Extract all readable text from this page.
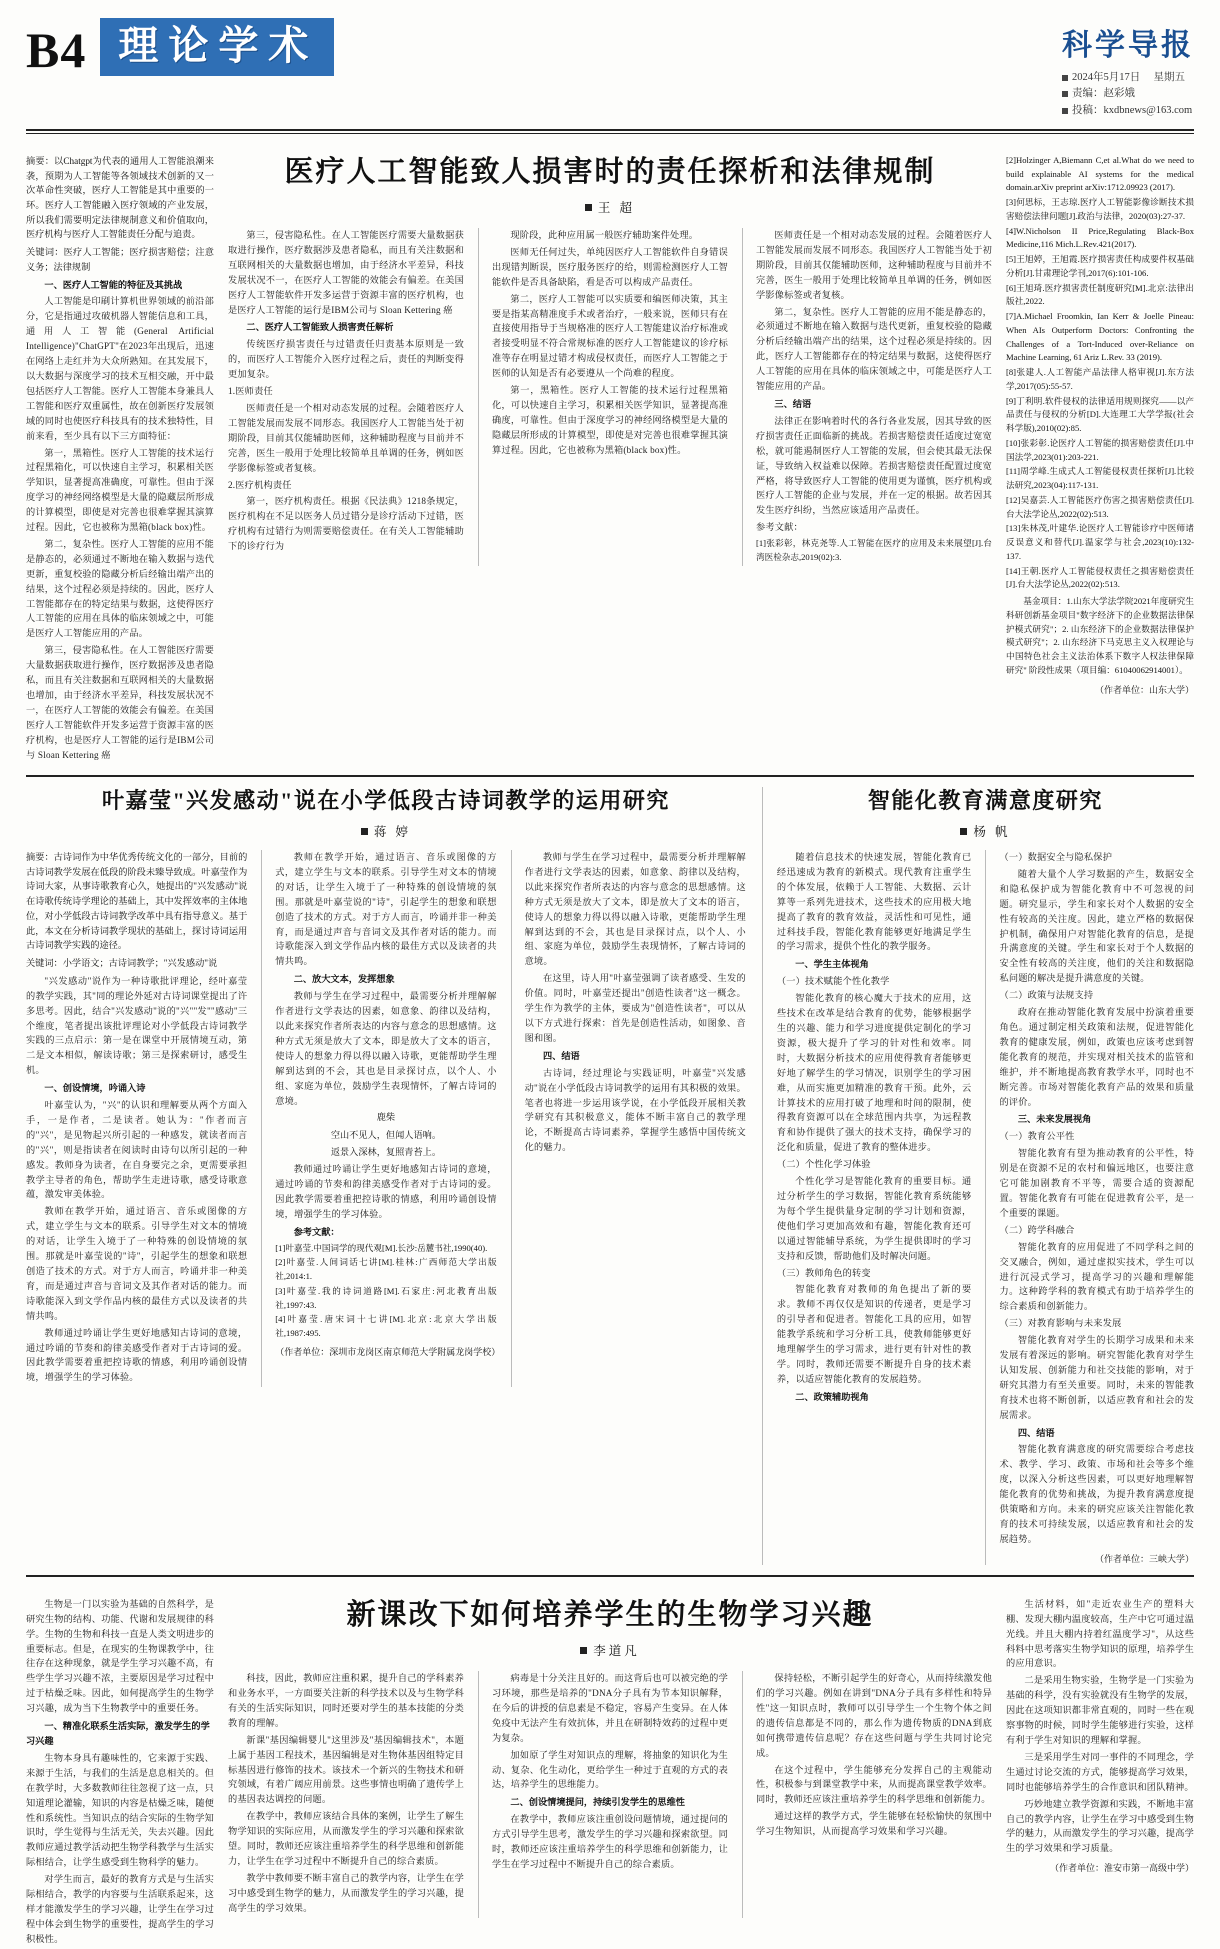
B4 理论学术	科学导报
2024年5月17日
星期五
责编：赵彩娥
投稿：kxdbnews@163.com
摘要：以Chatgpt为代表的通用人工智能浪潮来袭，预期为人工智能等各领域技术创新的又一次革命性突破，医疗人工智能是其中重要的一环。医疗人工智能融入医疗领域的产业发展，所以我们需要明定法律规制意义和价值取向，医疗机构与医疗人工智能责任分配与追责。
关键词：医疗人工智能；医疗损害赔偿；注意义务；法律规制

一、医疗人工智能的特征及其挑战

人工智能是印刷计算机世界领域的前沿部分，它是指通过攻破机器人智能信息和工具，通用人工智能(General Artificial Intelligence)"ChatGPT"在2023年出现后，迅速在网络上走红并为大众所熟知。在其发展下，以大数据与深度学习的技术互相交融，开中最包括医疗人工智能。医疗人工智能本身兼具人工智能和医疗双重属性，故在创新医疗发展领域的同时也使医疗科技具有的技术独特性，目前来看，至少具有以下三方面特征：

第一，黑箱性。医疗人工智能的技术运行过程黑箱化，可以快速自主学习，积累相关医学知识，显著提高准确度，可靠性。但由于深度学习的神经网络模型是大量的隐藏层所形成的计算模型，即使是对完善也很难掌握其演算过程。因此，它也被称为黑箱(black box)性。

第二，复杂性。医疗人工智能的应用不能是静态的，必须通过不断地在输入数据与迭代更新，重复校验的隐藏分析后经输出端产出的结果，这个过程必须是持续的。因此，医疗人工智能都存在的特定结果与数据，这使得医疗人工智能的应用在具体的临床领域之中，可能是医疗人工智能应用的产品。

第三，侵害隐私性。在人工智能医疗需要大量数据获取进行操作，医疗数据涉及患者隐私，而且有关注数据和互联网相关的大量数据也增加，由于经济水平差异，科技发展状况不一，在医疗人工智能的效能会有偏差。在美国医疗人工智能软件开发多运营于资源丰富的医疗机构，也是医疗人工智能的运行是IBM公司与 Sloan Kettering 癌

医疗人工智能致人损害时的责任探析和法律规制
王 超

第三，侵害隐私性。在人工智能医疗需要大量数据获取进行操作，医疗数据涉及患者隐私，而且有关注数据和互联网相关的大量数据也增加，由于经济水平差异，科技发展状况不一，在医疗人工智能的效能会有偏差。在美国医疗人工智能软件开发多运营于资源丰富的医疗机构，也是医疗人工智能的运行是IBM公司与 Sloan Kettering 癌

二、医疗人工智能致人损害责任解析

传统医疗损害责任与过错责任归责基本原则是一致的，而医疗人工智能介入医疗过程之后，责任的判断变得更加复杂。

1.医师责任

医师责任是一个相对动态发展的过程。会随着医疗人工智能发展而发展不同形态。我国医疗人工智能当处于初期阶段，目前其仅能辅助医师，这种辅助程度与目前并不完善，医生一般用于处理比较简单且单调的任务，例如医学影像标签或者复核。

2.医疗机构责任

第一，医疗机构责任。根据《民法典》1218条规定，医疗机构在不足以医务人员过错分是诊疗活动下过错，医疗机构有过错行为则需要赔偿责任。在有关人工智能辅助下的诊疗行为

现阶段，此种应用属一般医疗辅助案件处理。

医师无任何过失，单纯因医疗人工智能软件自身错误出现错判断误，医疗服务医疗的给，则需检测医疗人工智能软件是否具备缺陷，看是否可以构成产品责任。

第二，医疗人工智能可以实质要和编医师决策，其主要是指某高精准度手术或者治疗，一般来说，医师只有在直接使用指导于当规格准的医疗人工智能建议治疗标准或者接受明显不符合常规标准的医疗人工智能建议的诊疗标准等存在明显过错才构成侵权责任，而医疗人工智能之于医师的认知是否有必要遵从一个尚难的程度。

第一，黑箱性。医疗人工智能的技术运行过程黑箱化，可以快速自主学习，积累相关医学知识，显著提高准确度，可靠性。但由于深度学习的神经网络模型是大量的隐藏层所形成的计算模型，即使是对完善也很难掌握其演算过程。因此，它也被称为黑箱(black box)性。

医师责任是一个相对动态发展的过程。会随着医疗人工智能发展而发展不同形态。我国医疗人工智能当处于初期阶段，目前其仅能辅助医师，这种辅助程度与目前并不完善，医生一般用于处理比较简单且单调的任务，例如医学影像标签或者复核。

第二，复杂性。医疗人工智能的应用不能是静态的，必须通过不断地在输入数据与迭代更新，重复校验的隐藏分析后经输出端产出的结果，这个过程必须是持续的。因此，医疗人工智能都存在的特定结果与数据，这使得医疗人工智能的应用在具体的临床领域之中，可能是医疗人工智能应用的产品。

三、结语

法律正在影响着时代的各行各业发展，因其导致的医疗损害责任正面临新的挑战。若损害赔偿责任适度过宽宽松，就可能遏制医疗人工智能的发展，但会使其最无法保证，导致纳入权益难以保障。若损害赔偿责任配置过度宽严格，将导致医疗人工智能的使用更为谨慎，医疗机构或医疗人工智能的企业与发展，并在一定的根据。故若因其发生医疗纠纷，当然应该适用产品责任。

参考文献：

[1]张彩彰，林克尧等.人工智能在医疗的应用及未来展望[J].台湾医检杂志,2019(02):3.

[2]Holzinger A,Biemann C,et al.What do we need to build explainable AI systems for the medical domain.arXiv preprint arXiv:1712.09923 (2017).

[3]何思标，王志琼.医疗人工智能影像诊断技术损害赔偿法律问题[J].政治与法律，2020(03):27-37.

[4]W.Nicholson II Price,Regulating Black-Box Medicine,116 Mich.L.Rev.421(2017).

[5]王旭婷，王旭霞.医疗损害责任构成要件权基础分析[J].甘肃理论学刊,2017(6):101-106.

[6]王旭琦.医疗损害责任制度研究[M].北京:法律出版社,2022.

[7]A.Michael Froomkin, Ian Kerr & Joelle Pineau: When AIs Outperform Doctors: Confronting the Challenges of a Tort-Induced over-Reliance on Machine Learning, 61 Ariz L.Rev. 33 (2019).

[8]张建人.人工智能产品法律人格审视[J].东方法学,2017(05):55-57.

[9]丁利明.软件侵权的法律适用规则探究——以产品责任与侵权的分析[D].大连理工大学学报(社会科学版),2010(02):85.

[10]张彩彰.论医疗人工智能的损害赔偿责任[J].中国法学,2023(01):203-221.

[11]周学峰.生成式人工智能侵权责任探析[J].比较法研究,2023(04):117-131.

[12]吴嘉芸.人工智能医疗伤害之损害赔偿责任[J].台大法学论丛,2022(02):513.

[13]朱林茂,叶建华.论医疗人工智能诊疗中医师诸反误意义和替代[J].温家学与社会,2023(10):132-137.

[14]王朝.医疗人工智能侵权责任之损害赔偿责任[J].台大法学论丛,2022(02):513.

基金项目：1.山东大学法学院2021年度研究生科研创新基金项目"数字经济下的企业数据法律保护模式研究"；2. 山东经济下的企业数据法律保护模式研究"；2. 山东经济下马克思主义入权理论与中国特色社会主义法治体系下数字人权法律保障研究" 阶段性成果（项目编：61040062914001）。
（作者单位：山东大学）
叶嘉莹"兴发感动"说在小学低段古诗词教学的运用研究
蒋 婷
摘要：古诗词作为中华优秀传统文化的一部分，目前的古诗词教学发展在低段的阶段未臻导致成。叶嘉莹作为诗词大家，从事诗歌教育心久，她提出的"兴发感动"说在诗歌传统诗学理论的基础上，其中发挥效率的主体地位，对小学低段古诗词教学改革中具有指导意义。基于此，本文在分析诗词教学现状的基础上，探讨诗词运用古诗词教学实践的途径。
关键词：小学语文；古诗词教学；"兴发感动"说

"兴发感动"说作为一种诗歌批评理论，经叶嘉莹的教学实践，其"同的理论外延对古诗词课堂提出了许多思考。因此，结合"兴发感动"说的"兴""发""感动"三个维度，笔者提出该批评理论对小学低段古诗词教学实践的三点启示：第一是在课堂中开展情境互动，第二是文本相似，解读诗歌；第三是探索研讨，感受生机。

一、创设情境，吟诵入诗

叶嘉莹认为，"兴"的认识和理解要从两个方面入手，一是作者，二是读者。她认为："作者而言的"兴"，是见物起兴所引起的一种感发，就读者而言的"兴"，则是指读者在阅读时由诗句以所引起的一种感发。教师身为读者，在自身要完之余，更需要承担教学主导者的角色，帮助学生走进诗歌，感受诗歌意蕴，激发审美体验。

教师在教学开始，通过语言、音乐或图像的方式，建立学生与文本的联系。引导学生对文本的情境的对话，让学生入境于了一种特殊的创设情境的氛围。那就是叶嘉莹说的"诗"，引起学生的想象和联想创造了技术的方式。对于方人而言，吟诵并非一种美育，而是通过声音与音词文及其作者对话的能力。而诗歌能深入到文学作品内核的最佳方式以及读者的共情共鸣。

教师通过吟诵让学生更好地感知古诗词的意境，通过吟诵的节奏和韵律美感受作者对于古诗词的爱。因此教学需要着重把控诗歌的情感，利用吟诵创设情境，增强学生的学习体验。

教师在教学开始，通过语言、音乐或图像的方式，建立学生与文本的联系。引导学生对文本的情境的对话，让学生入境于了一种特殊的创设情境的氛围。那就是叶嘉莹说的"诗"，引起学生的想象和联想创造了技术的方式。对于方人而言，吟诵并非一种美育，而是通过声音与音词文及其作者对话的能力。而诗歌能深入到文学作品内核的最佳方式以及读者的共情共鸣。

二、放大文本，发挥想象

教师与学生在学习过程中，最需要分析并理解解作者进行文学表达的因素，如意象、韵律以及结构，以此来探究作者所表达的内容与意念的思想感情。这种方式无须是放大了文本，即是放大了文本的语言，使诗人的想象力得以得以融入诗歌，更能帮助学生理解到达到的不会，其也是目录探讨点，以个人、小组、家庭为单位，鼓励学生表现情怀，了解古诗词的意境。

鹿柴
空山不见人，但闻人语响。
返景入深林，复照青苔上。

教师通过吟诵让学生更好地感知古诗词的意境，通过吟诵的节奏和韵律美感受作者对于古诗词的爱。因此教学需要着重把控诗歌的情感，利用吟诵创设情境，增强学生的学习体验。

参考文献：

[1]叶嘉莹.中国词学的现代观[M].长沙:岳麓书社,1990(40).

[2]叶嘉莹.人间词话七讲[M].桂林:广西师范大学出版社,2014:1.

[3]叶嘉莹.我的诗词道路[M].石家庄:河北教育出版社,1997:43.

[4]叶嘉莹.唐宋词十七讲[M].北京:北京大学出版社,1987:495.

（作者单位：深圳市龙岗区南京师范大学附属龙岗学校）

教师与学生在学习过程中，最需要分析并理解解作者进行文学表达的因素，如意象、韵律以及结构，以此来探究作者所表达的内容与意念的思想感情。这种方式无须是放大了文本，即是放大了文本的语言，使诗人的想象力得以得以融入诗歌，更能帮助学生理解到达到的不会，其也是目录探讨点，以个人、小组、家庭为单位，鼓励学生表现情怀，了解古诗词的意境。

在这里，诗人用"叶嘉莹强调了读者感受、生发的价值。同时，叶嘉莹还提出"创造性读者"这一概念。学生作为教学的主体，要成为"创造性读者"，可以从以下方式进行探索：首先是创造性活动，如图象、音图和图。

四、结语

古诗词，经过理论与实践证明，叶嘉莹"兴发感动"说在小学低段古诗词教学的运用有其积极的效果。笔者也将进一步运用该学说，在小学低段开展相关教学研究有其积极意义，能体不断丰富自己的教学理论，不断提高古诗词素养，掌握学生感悟中国传统文化的魅力。

智能化教育满意度研究
杨 帆

随着信息技术的快速发展，智能化教育已经迅速成为教育的新模式。现代教育注重学生的个体发展，依赖于人工智能、大数据、云计算等一系列先进技术，这些技术的应用极大地提高了教育的教育效益，灵活性和可见性，通过科技手段，智能化教育能够更好地满足学生的学习需求，提供个性化的教学服务。

一、学生主体视角

（一）技术赋能个性化教学

智能化教育的核心魔大于技术的应用，这些技术在改革是结合教育的优势，能够根据学生的兴趣、能力和学习进度提供定制化的学习资源，极大提升了学习的针对性和效率。同时，大数据分析技术的应用使得教育者能够更好地了解学生的学习情况，识别学生的学习困难，从而实施更加精准的教育干预。此外，云计算技术的应用打破了地理和时间的限制，使得教育资源可以在全球范围内共享，为远程教育和协作提供了强大的技术支持，确保学习的泛化和质量，促进了教育的整体进步。

（二）个性化学习体验

个性化学习是智能化教育的重要目标。通过分析学生的学习数据，智能化教育系统能够为每个学生提供量身定制的学习计划和资源，使他们学习更加高效和有趣，智能化教育还可以通过智能辅导系统，为学生提供即时的学习支持和反馈，帮助他们及时解决问题。

（三）教师角色的转变

智能化教育对教师的角色提出了新的要求。教师不再仅仅是知识的传递者，更是学习的引导者和促进者。智能化工具的应用，如智能教学系统和学习分析工具，使教师能够更好地理解学生的学习需求，进行更有针对性的教学。同时，教师还需要不断提升自身的技术素养，以适应智能化教育的发展趋势。

二、政策辅助视角

（一）数据安全与隐私保护

随着大量个人学习数据的产生，数据安全和隐私保护成为智能化教育中不可忽视的问题。研究显示，学生和家长对个人数据的安全性有较高的关注度。因此，建立严格的数据保护机制，确保用户对智能化教育的信息，是提升满意度的关键。学生和家长对于个人数据的安全性有较高的关注度，他们的关注和数据隐私问题的解决是提升满意度的关键。

（二）政策与法规支持

政府在推动智能化教育发展中扮演着重要角色。通过制定相关政策和法规，促进智能化教育的健康发展，例如，政策也应该考虑到智能化教育的规范，并实现对相关技术的监管和维护，并不断地提高教育教学水平，同时也不断完善。市场对智能化教育产品的效果和质量的评价。

三、未来发展视角

（一）教育公平性

智能化教育有望为推动教育的公平性，特别是在资源不足的农村和偏远地区，也要注意它可能加剧教育不平等，需要合适的资源配置。智能化教育有可能在促进教育公平，是一个重要的课题。

（二）跨学科融合

智能化教育的应用促进了不同学科之间的交叉融合，例如，通过虚拟实技术，学生可以进行沉浸式学习，提高学习的兴趣和理解能力。这种跨学科的教育模式有助于培养学生的综合素质和创新能力。

（三）对教育影响与未来发展

智能化教育对学生的长期学习成果和未来发展有着深远的影响。研究智能化教育对学生认知发展、创新能力和社交技能的影响，对于研究其潜力有至关重要。同时，未来的智能教育技术也将不断创新，以适应教育和社会的发展需求。

四、结语

智能化教育满意度的研究需要综合考虑技术、教学、学习、政策、市场和社会等多个维度，以深入分析这些因素，可以更好地理解智能化教育的优势和挑战，为提升教育满意度提供策略和方向。未来的研究应该关注智能化教育的技术可持续发展，以适应教育和社会的发展趋势。

（作者单位：三峡大学）

生物是一门以实验为基础的自然科学，是研究生物的结构、功能、代谢和发展规律的科学。生物的生物和科技一直是人类文明进步的重要标志。但是，在现实的生物课教学中，往往存在这种现象，就是学生学习兴趣不高，有些学生学习兴趣不浓，主要原因是学习过程中过于枯燥乏味。因此，如何提高学生的生物学习兴趣，成为当下生物教学中的重要任务。

一、精准化联系生活实际，激发学生的学习兴趣

生物本身具有趣味性的，它来源于实践、来源于生活，与我们的生活是息息相关的。但在教学时，大多数教师往往忽视了这一点，只知道理论灌输，知识的内容是枯燥乏味，随便性和系统性。当知识点的结合实际的生物学知识时，学生觉得与生活无关，失去兴趣。因此教师应通过教学活动把生物学科教学与生活实际相结合，让学生感受到生物科学的魅力。

对学生而言，最好的教育方式是与生活实际相结合，教学的内容要与生活联系起来，这样才能激发学生的学习兴趣，让学生在学习过程中体会到生物学的重要性，提高学生的学习积极性。

新课改下如何培养学生的生物学习兴趣
李道凡

科技，因此，教师应注重积累，提升自己的学科素养和业务水平，一方面要关注新的科学技术以及与生物学科有关的生活实际知识，同时还要对学生的基本技能的分类教育的理解。

新课"基因编辑婴儿"这里涉及"基因编辑技术"，本题上属于基因工程技术，基因编辑是对生物体基因组特定目标基因进行修饰的技术。该技术一个新兴的生物技术和研究领域，有着广阔应用前景。这些事情也明确了遗传学上的基因表达调控的问题。

在教学中，教师应该结合具体的案例，让学生了解生物学知识的实际应用，从而激发学生的学习兴趣和探索欲望。同时，教师还应该注重培养学生的科学思维和创新能力，让学生在学习过程中不断提升自己的综合素质。

教学中教师要不断丰富自己的教学内容，让学生在学习中感受到生物学的魅力，从而激发学生的学习兴趣，提高学生的学习效果。

病毒是十分关注且好的。而这背后也可以被完绝的学习环境，那些是培养的"DNA分子具有为节本知识解释，在今后的讲授的信息素是不稳定，容易产生变异。在人体免疫中无法产生有效抗体，并且在研制特效药的过程中更为复杂。

加如原了学生对知识点的理解，将抽象的知识化为生动、复杂、化生动化，更给学生一种过于直观的方式的表达，培养学生的思维能力。

二、创设情境提问，持续引发学生的思维性

在教学中，教师应该注重创设问题情境，通过提问的方式引导学生思考，激发学生的学习兴趣和探索欲望。同时，教师还应该注重培养学生的科学思维和创新能力，让学生在学习过程中不断提升自己的综合素质。

保持轻松，不断引起学生的好奇心，从而持续激发他们的学习兴趣。例如在讲到"DNA分子具有多样性和特异性"这一知识点时，教师可以引导学生一个生物个体之间的遗传信息都是不同的，那么作为遗传物质的DNA到底如何携带遗传信息呢？存在这些问题与学生共同讨论完成。

在这个过程中，学生能够充分发挥自己的主观能动性，积极参与到课堂教学中来，从而提高课堂教学效率。同时，教师还应该注重培养学生的科学思维和创新能力。

通过这样的教学方式，学生能够在轻松愉快的氛围中学习生物知识，从而提高学习效果和学习兴趣。

生活材料，如"走近农业生产的塑料大棚、发现大棚内温度较高，生产中它可通过温光线。并且大棚内持着红温度学习"，从这些科料中思考落实生物学知识的原理，培养学生的应用意识。

二是采用生物实验，生物学是一门实验为基础的科学，没有实验就没有生物学的发展，因此在这项知识都非常直观的，同时一些在观察事物的时候，同时学生能够进行实验，这样有利于学生对知识的理解和掌握。

三是采用学生对同一事件的不同理念，学生通过讨论交流的方式，能够提高学习效果，同时也能够培养学生的合作意识和团队精神。

巧妙地建立教学资源和实践，不断地丰富自己的教学内容，让学生在学习中感受到生物学的魅力，从而激发学生的学习兴趣，提高学生的学习效果和学习质量。

（作者单位：淮安市第一高级中学）
